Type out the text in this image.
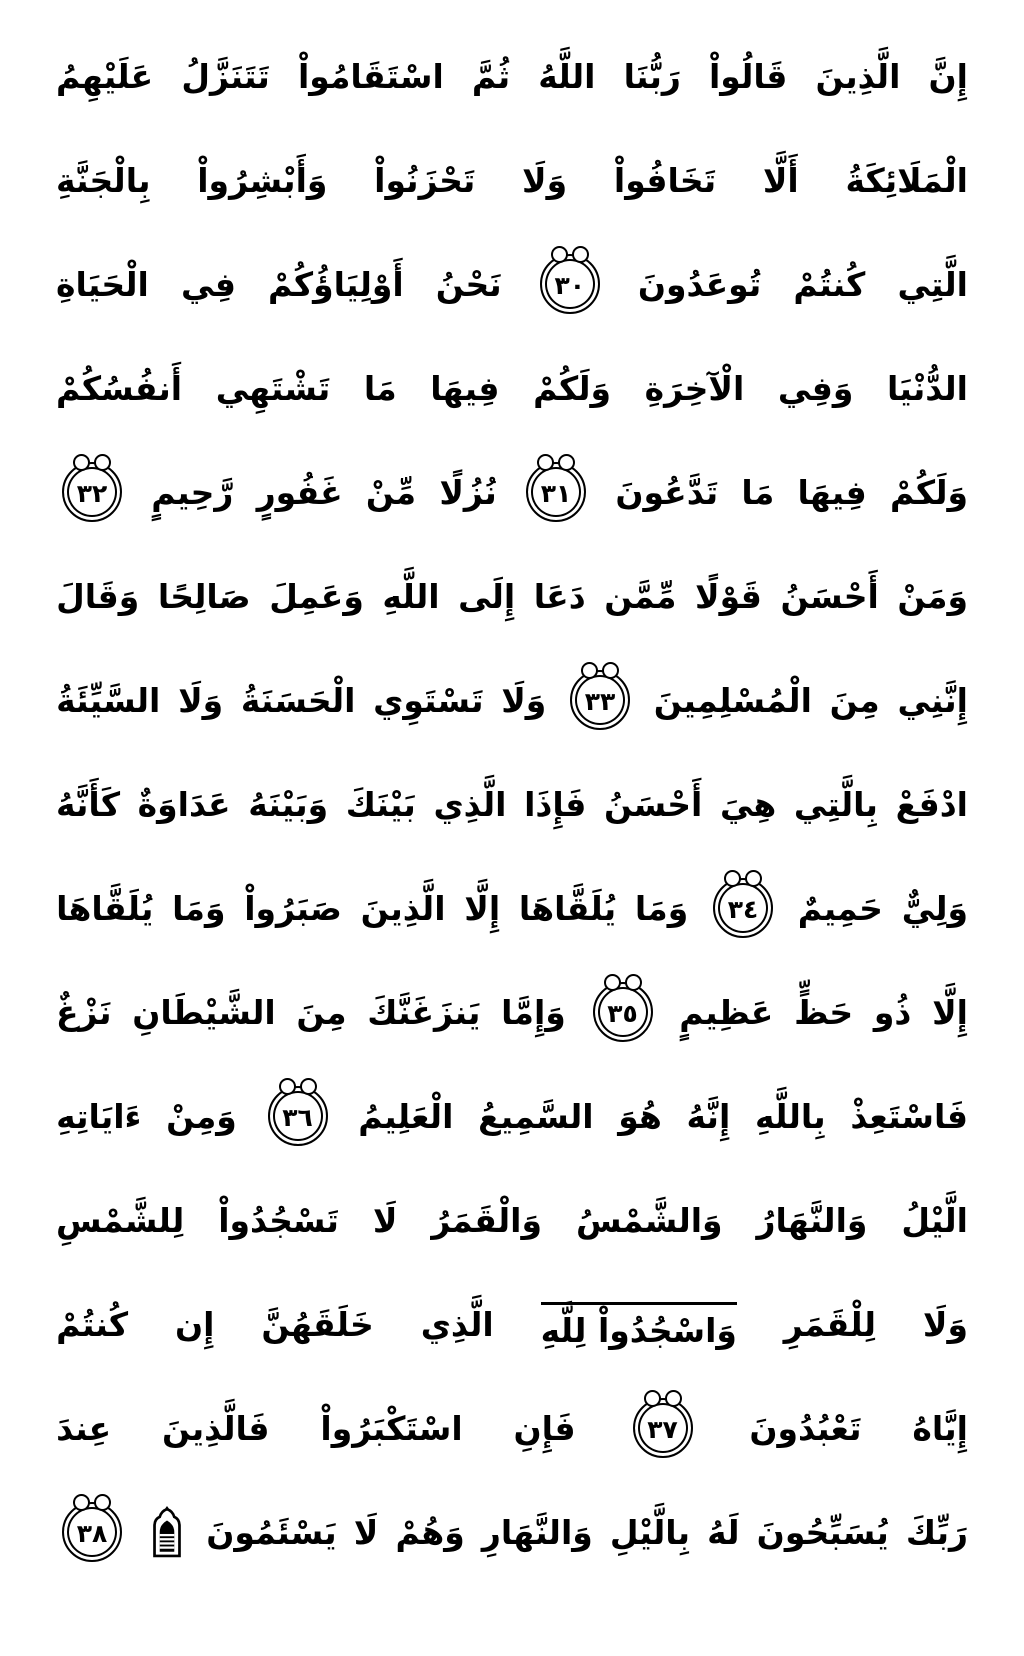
إِنَّ
الَّذِينَ
قَالُواْ
رَبُّنَا
اللَّهُ
ثُمَّ
اسْتَقَامُواْ
تَتَنَزَّلُ
عَلَيْهِمُ
الْمَلَائِكَةُ
أَلَّا
تَخَافُواْ
وَلَا
تَحْزَنُواْ
وَأَبْشِرُواْ
بِالْجَنَّةِ
الَّتِي
كُنتُمْ
تُوعَدُونَ
٣٠
نَحْنُ
أَوْلِيَاؤُكُمْ
فِي
الْحَيَاةِ
الدُّنْيَا
وَفِي
الْآخِرَةِ
وَلَكُمْ
فِيهَا
مَا
تَشْتَهِي
أَنفُسُكُمْ
وَلَكُمْ
فِيهَا
مَا
تَدَّعُونَ
٣١
نُزُلًا
مِّنْ
غَفُورٍ
رَّحِيمٍ
٣٢
وَمَنْ
أَحْسَنُ
قَوْلًا
مِّمَّن
دَعَا
إِلَى
اللَّهِ
وَعَمِلَ
صَالِحًا
وَقَالَ
إِنَّنِي
مِنَ
الْمُسْلِمِينَ
٣٣
وَلَا
تَسْتَوِي
الْحَسَنَةُ
وَلَا
السَّيِّئَةُ
ادْفَعْ
بِالَّتِي
هِيَ
أَحْسَنُ
فَإِذَا
الَّذِي
بَيْنَكَ
وَبَيْنَهُ
عَدَاوَةٌ
كَأَنَّهُ
وَلِيٌّ
حَمِيمٌ
٣٤
وَمَا
يُلَقَّاهَا
إِلَّا
الَّذِينَ
صَبَرُواْ
وَمَا
يُلَقَّاهَا
إِلَّا
ذُو
حَظٍّ
عَظِيمٍ
٣٥
وَإِمَّا
يَنزَغَنَّكَ
مِنَ
الشَّيْطَانِ
نَزْغٌ
فَاسْتَعِذْ
بِاللَّهِ
إِنَّهُ
هُوَ
السَّمِيعُ
الْعَلِيمُ
٣٦
وَمِنْ
ءَايَاتِهِ
الَّيْلُ
وَالنَّهَارُ
وَالشَّمْسُ
وَالْقَمَرُ
لَا
تَسْجُدُواْ
لِلشَّمْسِ
وَلَا
لِلْقَمَرِ
وَاسْجُدُواْ لِلَّهِ
الَّذِي
خَلَقَهُنَّ
إِن
كُنتُمْ
إِيَّاهُ
تَعْبُدُونَ
٣٧
فَإِنِ
اسْتَكْبَرُواْ
فَالَّذِينَ
عِندَ
رَبِّكَ
يُسَبِّحُونَ
لَهُ
بِالَّيْلِ
وَالنَّهَارِ
وَهُمْ
لَا
يَسْئَمُونَ
٣٨
